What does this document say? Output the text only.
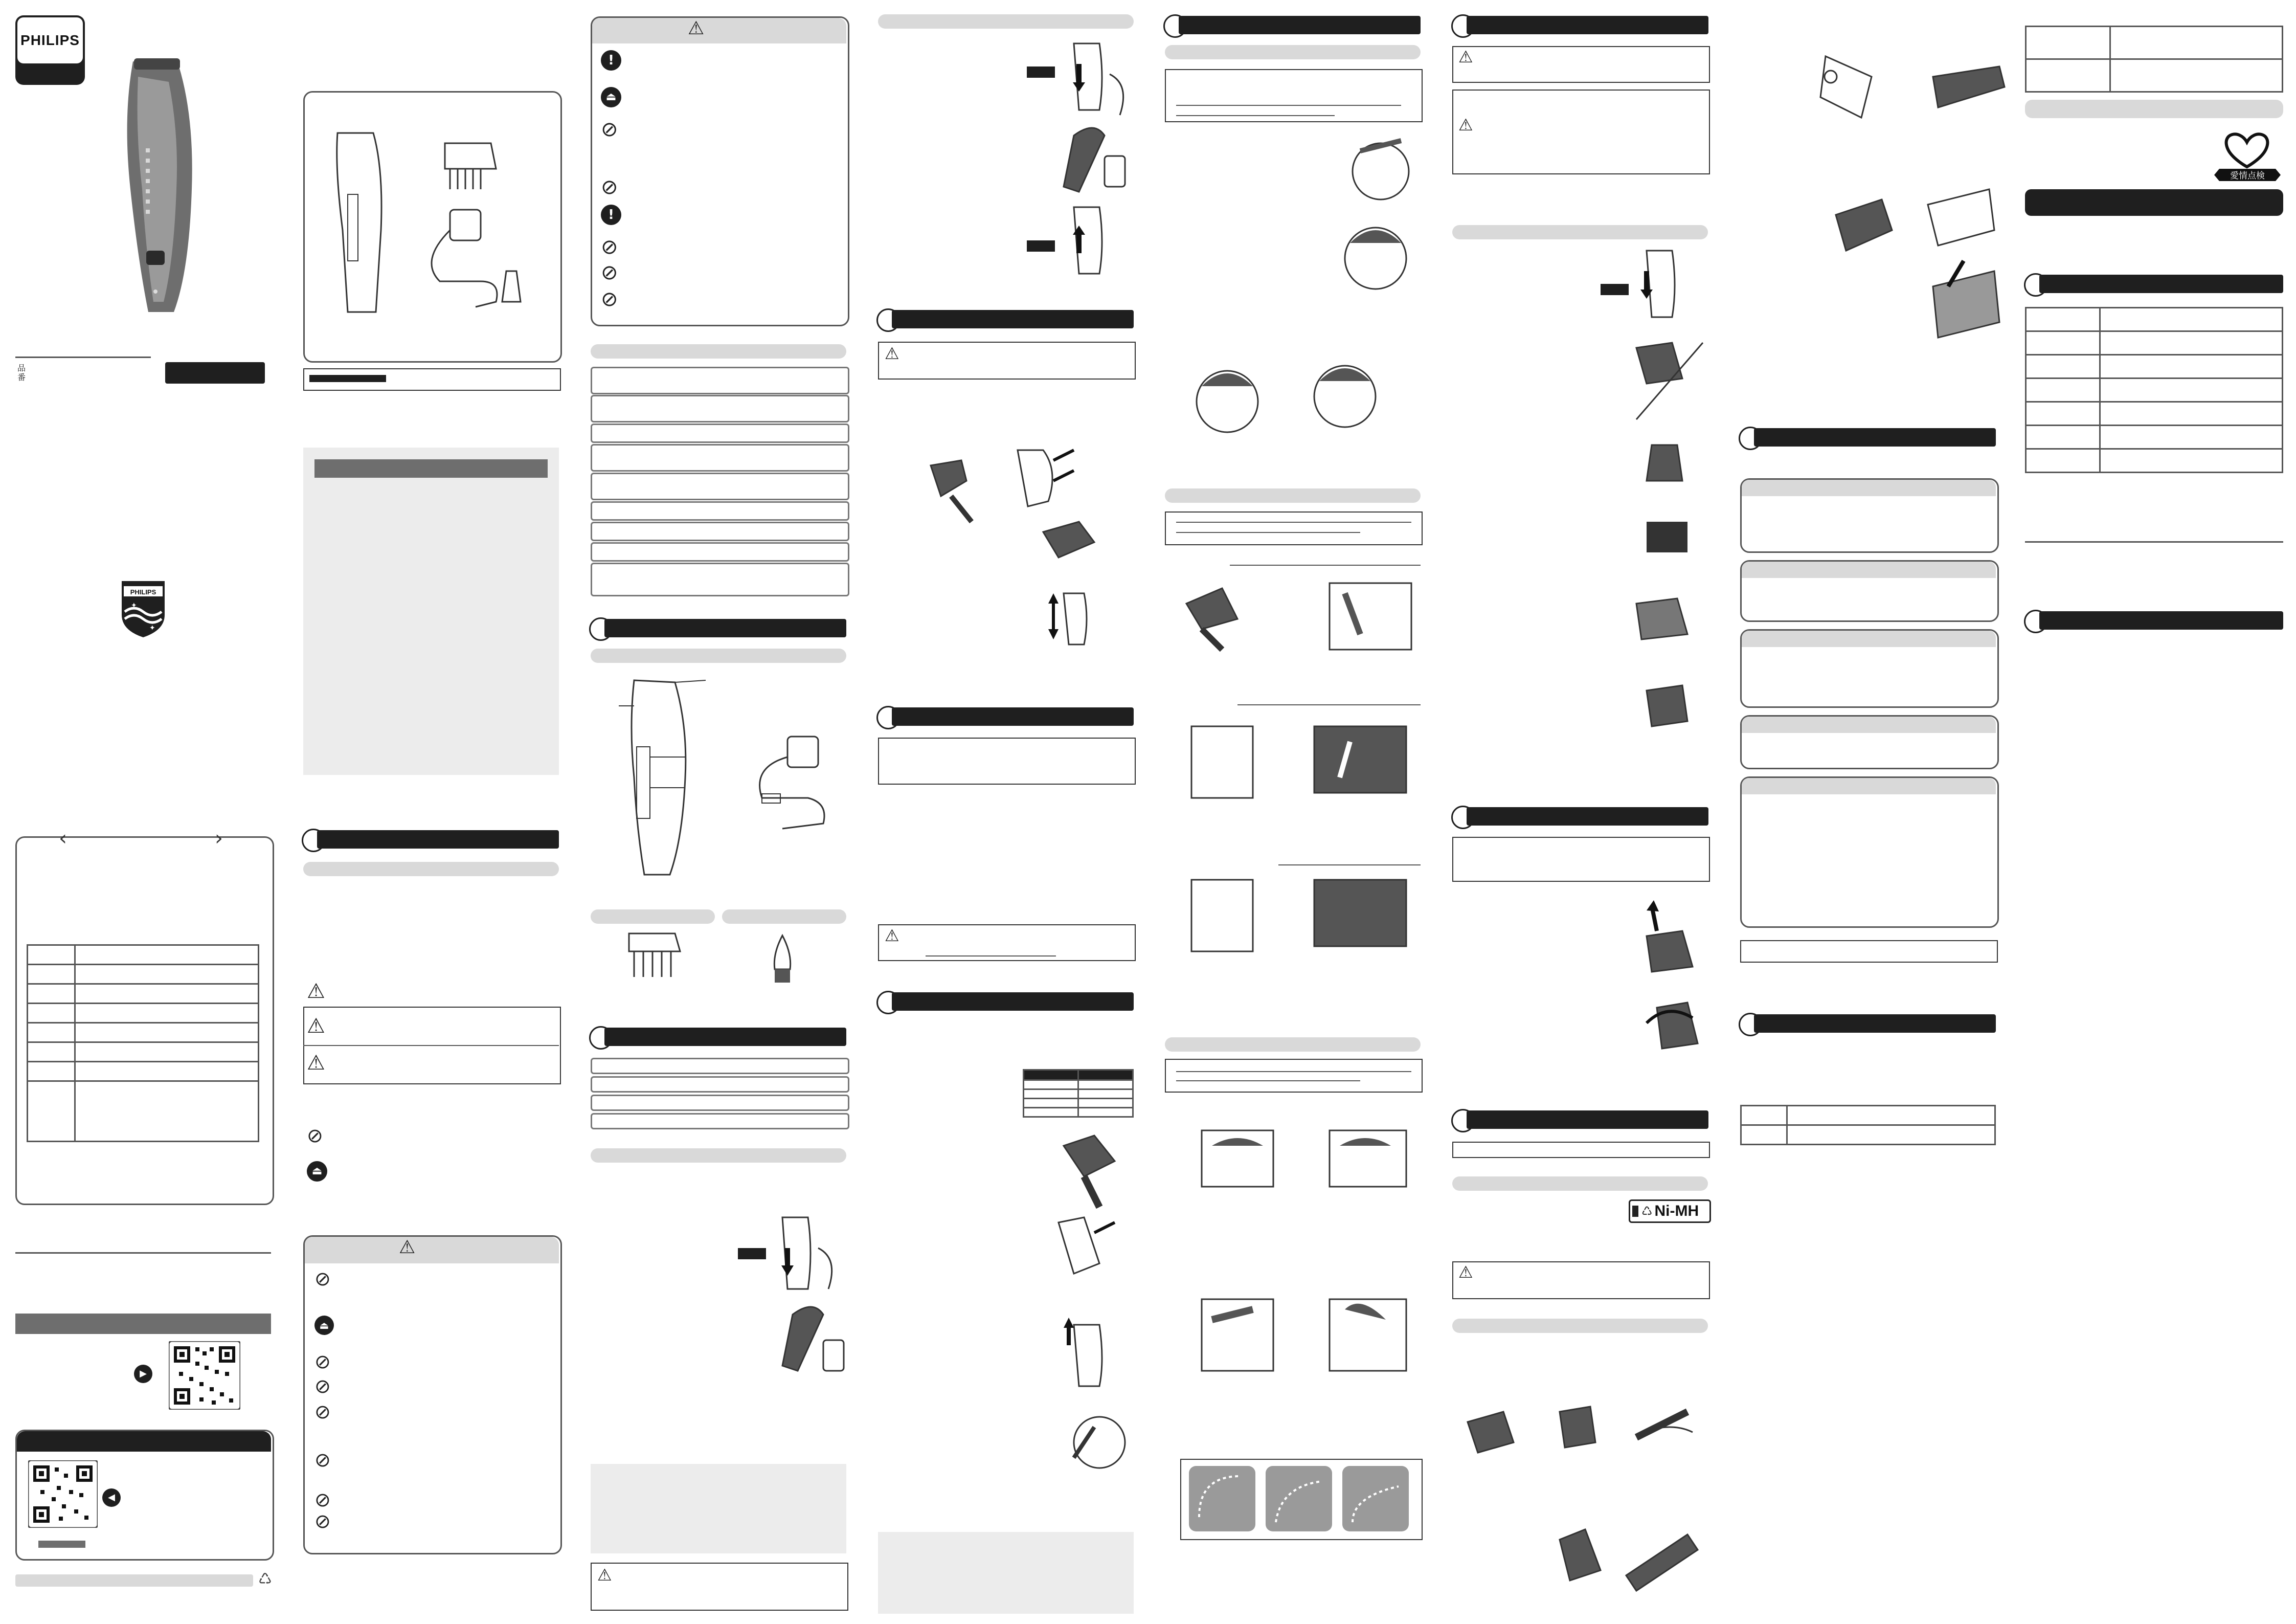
PHILIPS
品番
PHILIPS
✦
✦
‹	›

▶
◀
♺
⚠
⚠
⚠
⊘
⏏
⚠
⊘
⏏
⊘
⊘
⊘
⊘
⊘
⊘
⚠
!
⏏
⊘
⊘
!
⊘
⊘
⊘
⚠
⚠
⚠

⚠
⚠
♺ Ni-MH
⚠

愛情点検
